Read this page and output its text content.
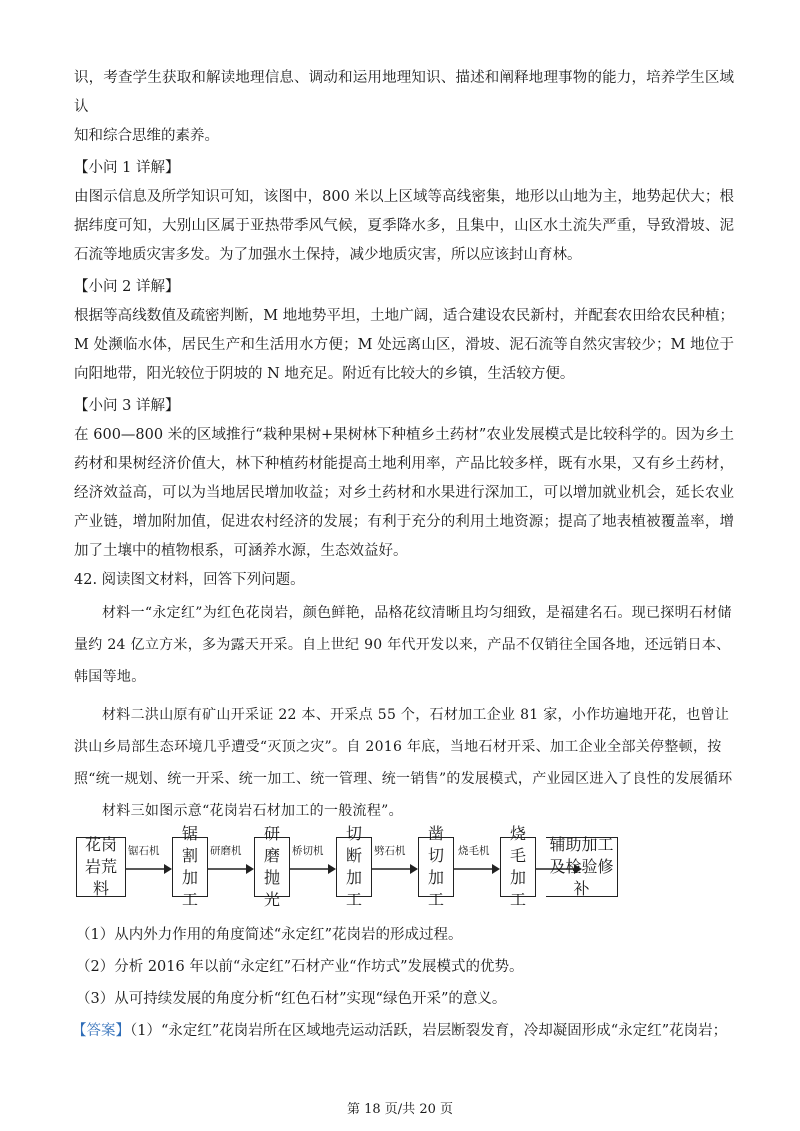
识，考查学生获取和解读地理信息、调动和运用地理知识、描述和阐释地理事物的能力，培养学生区域认

知和综合思维的素养。

【小问 1 详解】

由图示信息及所学知识可知，该图中，800 米以上区域等高线密集，地形以山地为主，地势起伏大；根据纬度可知，大别山区属于亚热带季风气候，夏季降水多，且集中，山区水土流失严重，导致滑坡、泥石流等地质灾害多发。为了加强水土保持，减少地质灾害，所以应该封山育林。

【小问 2 详解】

根据等高线数值及疏密判断，M 地地势平坦，土地广阔，适合建设农民新村，并配套农田给农民种植；M 处濒临水体，居民生产和生活用水方便；M 处远离山区，滑坡、泥石流等自然灾害较少；M 地位于向阳地带，阳光较位于阴坡的 N 地充足。附近有比较大的乡镇，生活较方便。

【小问 3 详解】

在 600—800 米的区域推行“栽种果树+果树林下种植乡土药材”农业发展模式是比较科学的。因为乡土药材和果树经济价值大，林下种植药材能提高土地利用率，产品比较多样，既有水果，又有乡土药材，经济效益高，可以为当地居民增加收益；对乡土药材和水果进行深加工，可以增加就业机会，延长农业产业链，增加附加值，促进农村经济的发展；有利于充分的利用土地资源；提高了地表植被覆盖率，增加了土壤中的植物根系，可涵养水源，生态效益好。

42. 阅读图文材料，回答下列问题。

材料一“永定红”为红色花岗岩，颜色鲜艳，品格花纹清晰且均匀细致，是福建名石。现已探明石材储量约 24 亿立方米，多为露天开采。自上世纪 90 年代开发以来，产品不仅销往全国各地，还远销日本、韩国等地。

材料二洪山原有矿山开采证 22 本、开采点 55 个，石材加工企业 81 家，小作坊遍地开花，也曾让洪山乡局部生态环境几乎遭受“灭顶之灾”。自 2016 年底，当地石材开采、加工企业全部关停整顿，按照“统一规划、统一开采、统一加工、统一管理、统一销售”的发展模式，产业园区进入了良性的发展循环

材料三如图示意“花岗岩石材加工的一般流程”。

花岗岩荒料
锯石机
锯割加工
研磨机
研磨抛光
桥切机
切断加工
劈石机
凿切加工
烧毛机
烧毛加工
辅助加工及检验修补

（1）从内外力作用的角度简述“永定红”花岗岩的形成过程。

（2）分析 2016 年以前“永定红”石材产业“作坊式”发展模式的优势。

（3）从可持续发展的角度分析“红色石材”实现“绿色开采”的意义。

【答案】（1）“永定红”花岗岩所在区域地壳运动活跃，岩层断裂发育，冷却凝固形成“永定红”花岗岩；

第 18 页/共 20 页
